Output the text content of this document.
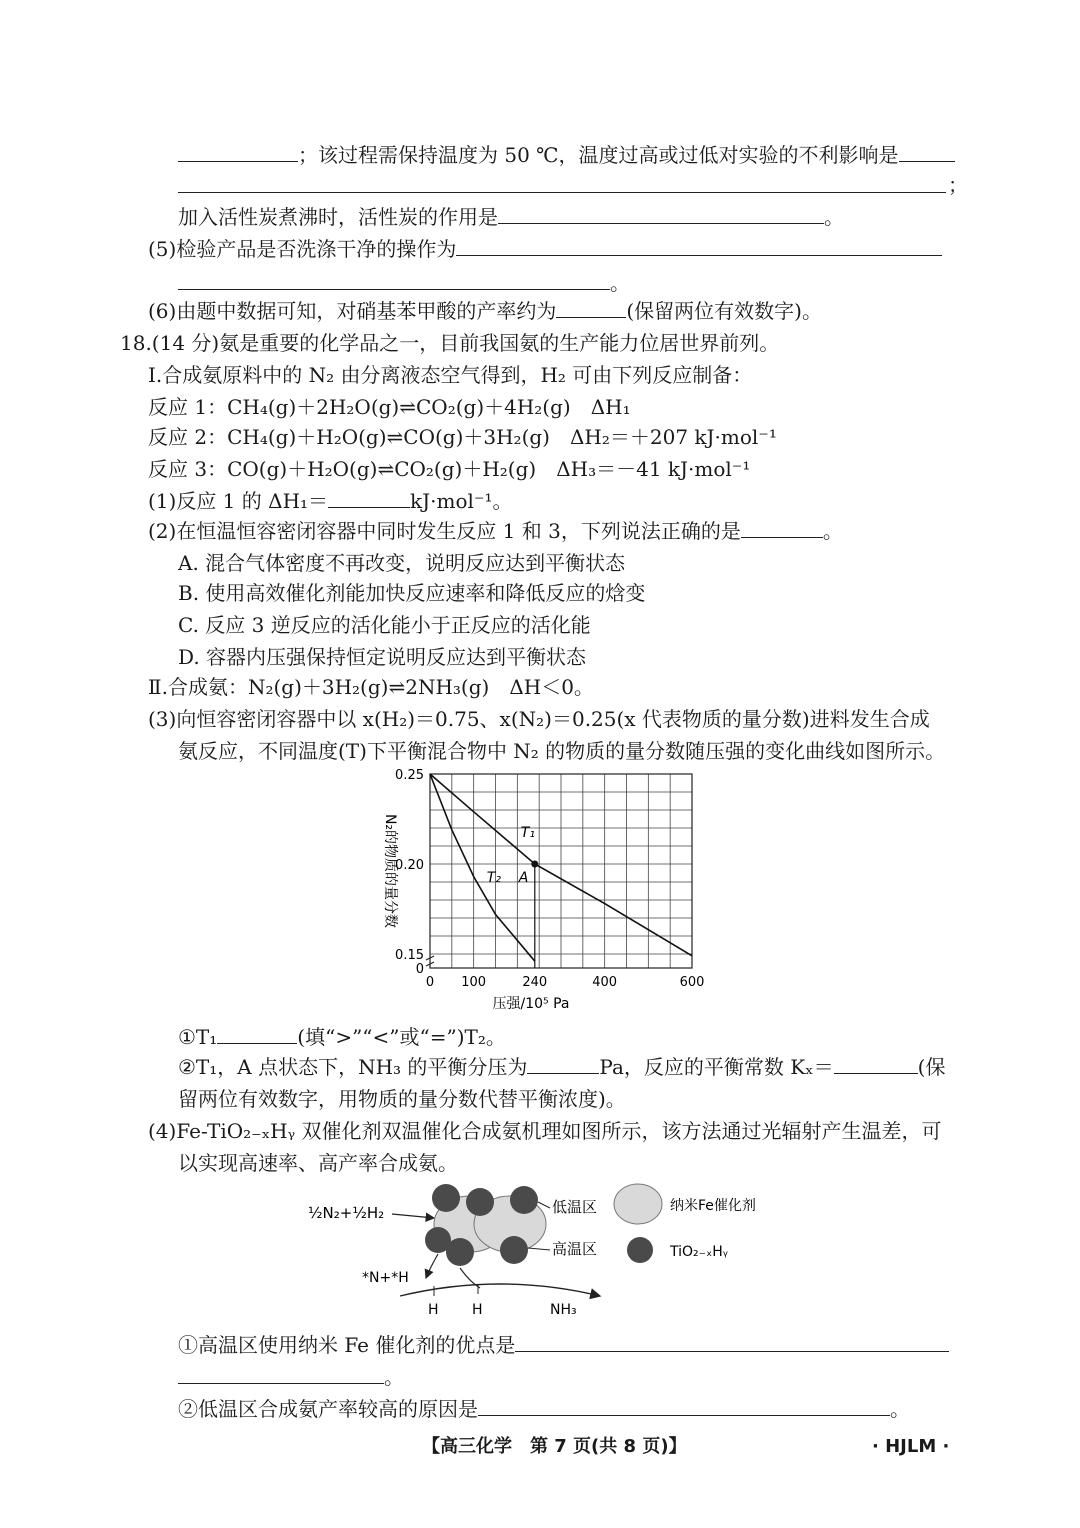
；该过程需保持温度为 50 ℃，温度过高或过低对实验的不利影响是
；
加入活性炭煮沸时，活性炭的作用是	。
(5)检验产品是否洗涤干净的操作为
。
(6)由题中数据可知，对硝基苯甲酸的产率约为	(保留两位有效数字)。
18.(14 分)氨是重要的化学品之一，目前我国氨的生产能力位居世界前列。
Ⅰ.合成氨原料中的 N₂ 由分离液态空气得到，H₂ 可由下列反应制备：
反应 1：CH₄(g)＋2H₂O(g)⇌CO₂(g)＋4H₂(g)　ΔH₁
反应 2：CH₄(g)＋H₂O(g)⇌CO(g)＋3H₂(g)　ΔH₂＝＋207 kJ·mol⁻¹
反应 3：CO(g)＋H₂O(g)⇌CO₂(g)＋H₂(g)　ΔH₃＝－41 kJ·mol⁻¹
(1)反应 1 的 ΔH₁＝	kJ·mol⁻¹。
(2)在恒温恒容密闭容器中同时发生反应 1 和 3，下列说法正确的是	。
A. 混合气体密度不再改变，说明反应达到平衡状态
B. 使用高效催化剂能加快反应速率和降低反应的焓变
C. 反应 3 逆反应的活化能小于正反应的活化能
D. 容器内压强保持恒定说明反应达到平衡状态
Ⅱ.合成氨：N₂(g)＋3H₂(g)⇌2NH₃(g)　ΔH＜0。
(3)向恒容密闭容器中以 x(H₂)＝0.75、x(N₂)＝0.25(x 代表物质的量分数)进料发生合成
氨反应，不同温度(T)下平衡混合物中 N₂ 的物质的量分数随压强的变化曲线如图所示。
0
0.15
0.20
0.25
0 100	240	400	600
压强/10⁵ Pa
N₂的物质的量分数	T₁
T₂ A
①T₁	(填“>”“<”或“=”)T₂。
②T₁，A 点状态下，NH₃ 的平衡分压为	Pa，反应的平衡常数 Kₓ＝	(保
留两位有效数字，用物质的量分数代替平衡浓度)。
(4)Fe-TiO₂₋ₓHᵧ 双催化剂双温催化合成氨机理如图所示，该方法通过光辐射产生温差，可
以实现高速率、高产率合成氨。
½N₂+½H₂	低温区
高温区
*N+*H
H H	NH₃
纳米Fe催化剂
TiO₂₋ₓHᵧ
①高温区使用纳米 Fe 催化剂的优点是
。
②低温区合成氨产率较高的原因是	。
【高三化学　第 7 页(共 8 页)】	· HJLM ·
